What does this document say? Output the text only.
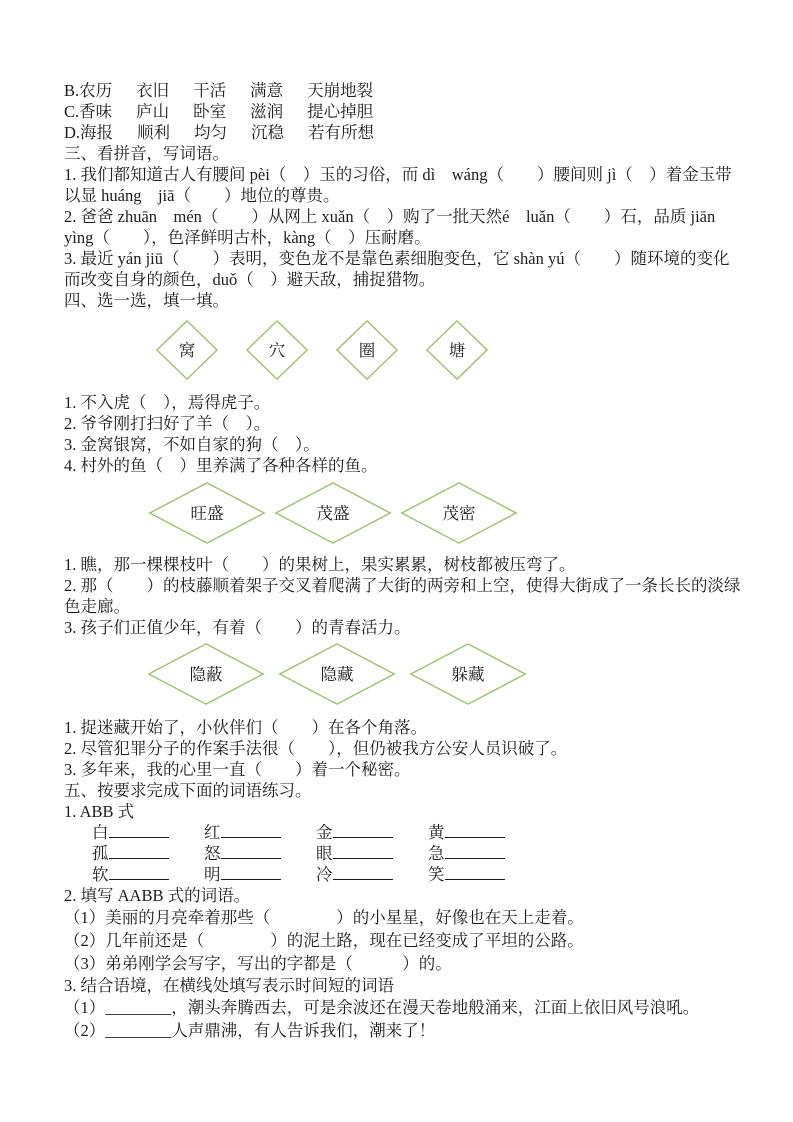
B.农历 衣旧 干活 满意 天崩地裂
C.香味 庐山 卧室 滋润 提心掉胆
D.海报 顺利 均匀 沉稳 若有所想
三、看拼音，写词语。

1. 我们都知道古人有腰间 pèi（　）玉的习俗，而 dì　wáng（　　）腰间则 jì（　）着金玉带以显 huáng　jiā（　　）地位的尊贵。

2. 爸爸 zhuān　mén（　　）从网上 xuǎn（　）购了一批天然é　luǎn（　　）石，品质 jiān yìng（　　），色泽鲜明古朴，kàng（　）压耐磨。

3. 最近 yán jiū（　　）表明，变色龙不是靠色素细胞变色，它 shàn yú（　　）随环境的变化而改变自身的颜色，duǒ（　）避天敌，捕捉猎物。

四、选一选，填一填。
窝	穴	圈	塘

1. 不入虎（　），焉得虎子。

2. 爷爷刚打扫好了羊（　）。

3. 金窝银窝，不如自家的狗（　）。

4. 村外的鱼（　）里养满了各种各样的鱼。

旺盛	茂盛	茂密

1. 瞧，那一棵棵枝叶（　　）的果树上，果实累累，树枝都被压弯了。

2. 那（　　）的枝藤顺着架子交叉着爬满了大街的两旁和上空，使得大街成了一条长长的淡绿色走廊。

3. 孩子们正值少年，有着（　　）的青春活力。

隐蔽	隐藏	躲藏

1. 捉迷藏开始了，小伙伴们（　　）在各个角落。

2. 尽管犯罪分子的作案手法很（　　），但仍被我方公安人员识破了。

3. 多年来，我的心里一直（　　）着一个秘密。

五、按要求完成下面的词语练习。
1. ABB 式
白	红	金	黄
孤	怒	眼	急
软	明	冷	笑
2. 填写 AABB 式的词语。

（1）美丽的月亮牵着那些（　　　　）的小星星，好像也在天上走着。

（2）几年前还是（　　　　）的泥土路，现在已经变成了平坦的公路。

（3）弟弟刚学会写字，写出的字都是（　　　）的。

3. 结合语境，在横线处填写表示时间短的词语

（1）________，潮头奔腾西去，可是余波还在漫天卷地般涌来，江面上依旧风号浪吼。

（2）________人声鼎沸，有人告诉我们，潮来了！
